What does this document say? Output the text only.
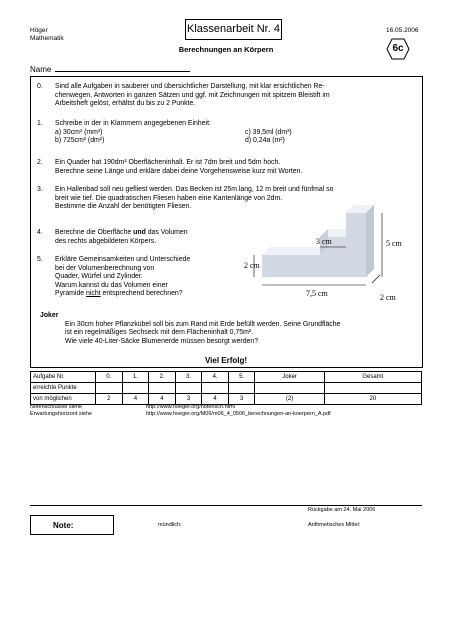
Höger
Mathematik
Klassenarbeit Nr. 4	16.05.2006
6c
Berechnungen an Körpern
Name
0. Sind alle Aufgaben in sauberer und übersichtlicher Darstellung, mit klar ersichtlichen Re-
chenwegen, Antworten in ganzen Sätzen und ggf. mit Zeichnungen mit spitzem Bleistift im
Arbeitsheft gelöst, erhältst du bis zu 2 Punkte.
1. Schreibe in der in Klammern angegebenen Einheit:
a) 30cm³ (mm³)	c) 39,5ml (dm³)
b) 725cm² (dm²)	d) 0,24a (m²)
2. Ein Quader hat 190dm² Oberflächeninhalt. Er ist 7dm breit und 5dm hoch.
Berechne seine Länge und erkläre dabei deine Vorgehensweise kurz mit Worten.
3. Ein Hallenbad soll neu gefliest werden. Das Becken ist 25m lang, 12 m breit und fünfmal so
breit wie tief. Die quadratischen Fliesen haben eine Kantenlänge von 2dm.
Bestimme die Anzahl der benötigten Fliesen.
4. Berechne die Oberfläche und das Volumen
des rechts abgebildeten Körpers.
5. Erkläre Gemeinsamkeiten und Unterschiede
bei der Volumenberechnung von
Quader, Würfel und Zylinder.
Warum kannst du das Volumen einer
Pyramide nicht entsprechend berechnen?
3 cm	5 cm
2 cm
7,5 cm	2 cm
Joker
Ein 30cm hoher Pflanzkübel soll bis zum Rand mit Erde befüllt werden. Seine Grundfläche
ist ein regelmäßiges Sechseck mit dem Flächeninhalt 0,75m².
Wie viele 40-Liter-Säcke Blumenerde müssen besorgt werden?
Viel Erfolg!
Aufgabe Nr.	0.	1.	2.	3.	4.	5.	Joker	Gesamt
erreichte Punkte								
von möglichen	2	4	4	3	4	3	(2)	20
Notenschlüssel siehe	http://www.hoeger.org/notensch.html
Erwartungshorizont siehe	http://www.hoeger.org/M06/m06_4_0506_berechnungen-an-koerpern_A.pdf
Rückgabe am 24. Mai 2006
Note:	mündlich:	Arithmetisches Mittel:
